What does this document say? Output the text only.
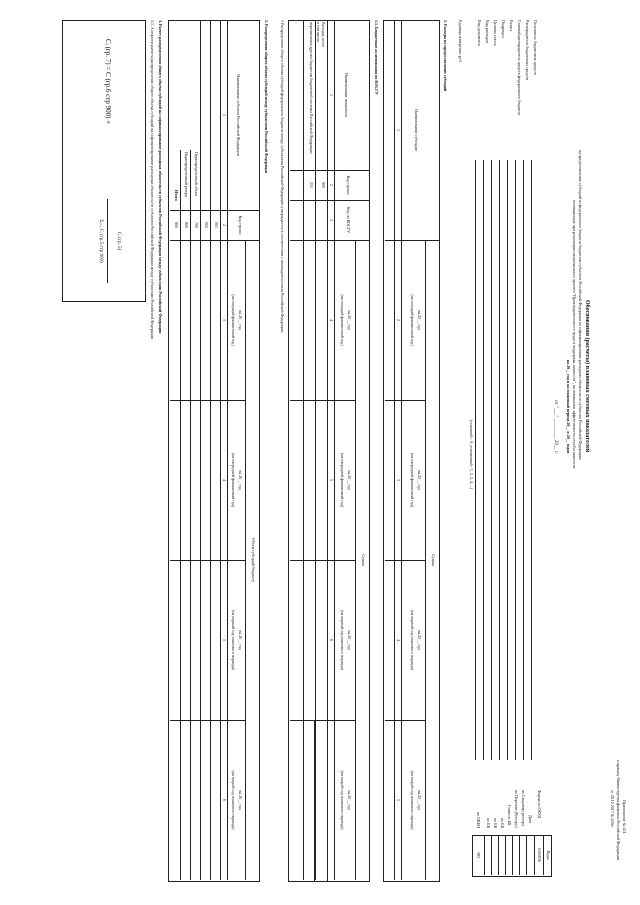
Приложение № 124
к приказу Министерства финансов Российской Федерации
от 28.12.2017 № 259н
Обоснования (расчеты) плановых сметных показателей
на предоставление субсидий из федерального бюджета бюджетам субъектов Российской Федерации на софинансирование расходных обязательств субъектов Российской Федерации,
возникающих при реализации национального проекта "Производительность труда и поддержка занятости", на повышение эффективности службы занятости
на 20__ год и на плановый период 20__ и 20__ годов
от "___" ________ 20__ г.
Коды
Форма по ОКУД
0505836
Дата
по Сводному реестру
по Перечню (Реестру)
Глава по БК
по БК
по БК
по БК
по ОКЕИ
383
Получатель бюджетных средств
Распорядитель бюджетных средств
Главный распорядитель средств федерального бюджета
Раздел
Подраздел
Целевая статья
Вид расходов
Вид документа
(основной - 0; уточненный - 1, 2, 3, 4, ...)
Единица измерения: руб
1. Расходы на предоставление субсидий
Наименование субсидии
Сумма
на 20__ год
(на текущий финансовый год)
на 20__ год
(на очередной финансовый год)
на 20__ год
(на первый год планового периода)
на 20__ год
(на второй год планового периода)
1
2
3
4
5
1.1. Бюджетные ассигнования по КОСГУ
Наименование показателя
Код строки
Код по КОСГУ
Сумма
на 20__ год
(на текущий финансовый год)
на 20__ год
(на очередной финансовый год)
на 20__ год
(на первый год планового периода)
на 20__ год
(на второй год планового периода)
1
2
3
4
5
6
Расходы, всего
в том числе:
900
перечисления другим бюджетам бюджетной системы Российской Федерации
251
1 Распределение общего объема субсидий федерального бюджета между субъектами Российской Федерации утверждается в соответствии с законодательством Российской Федерации.
2. Распределение общего объема субсидий между субъектами Российской Федерации
Наименование субъекта Российской Федерации
Код строки
Объем субсидий бюджету
на 20__ год
(на текущий финансовый год)
на 20__ год
(на очередной финансовый год)
на 20__ год
(на первый год планового периода)
на 20__ год
(на второй год планового периода)
1
2
3
4
5
6
001
002
Нераспределенный объем
700
Нераспределенный резерв
800
Итого
900
3. Расчет распределения общего объема субсидий на софинансирование расходных обязательств субъектов Российской Федерации между субъектами Российской Федерации
3.1. Алгоритм расчета распределения общего объема субсидий на софинансирование расходных обязательств субъектов Российской Федерации между субъектами Российской Федерации
Cᵢ (гр. 7) = С (гр.6 стр 900) ×
Cᵢ (гр. 5)
Σᵢ₌₁ Cᵢ (гр.5 стр 900)
